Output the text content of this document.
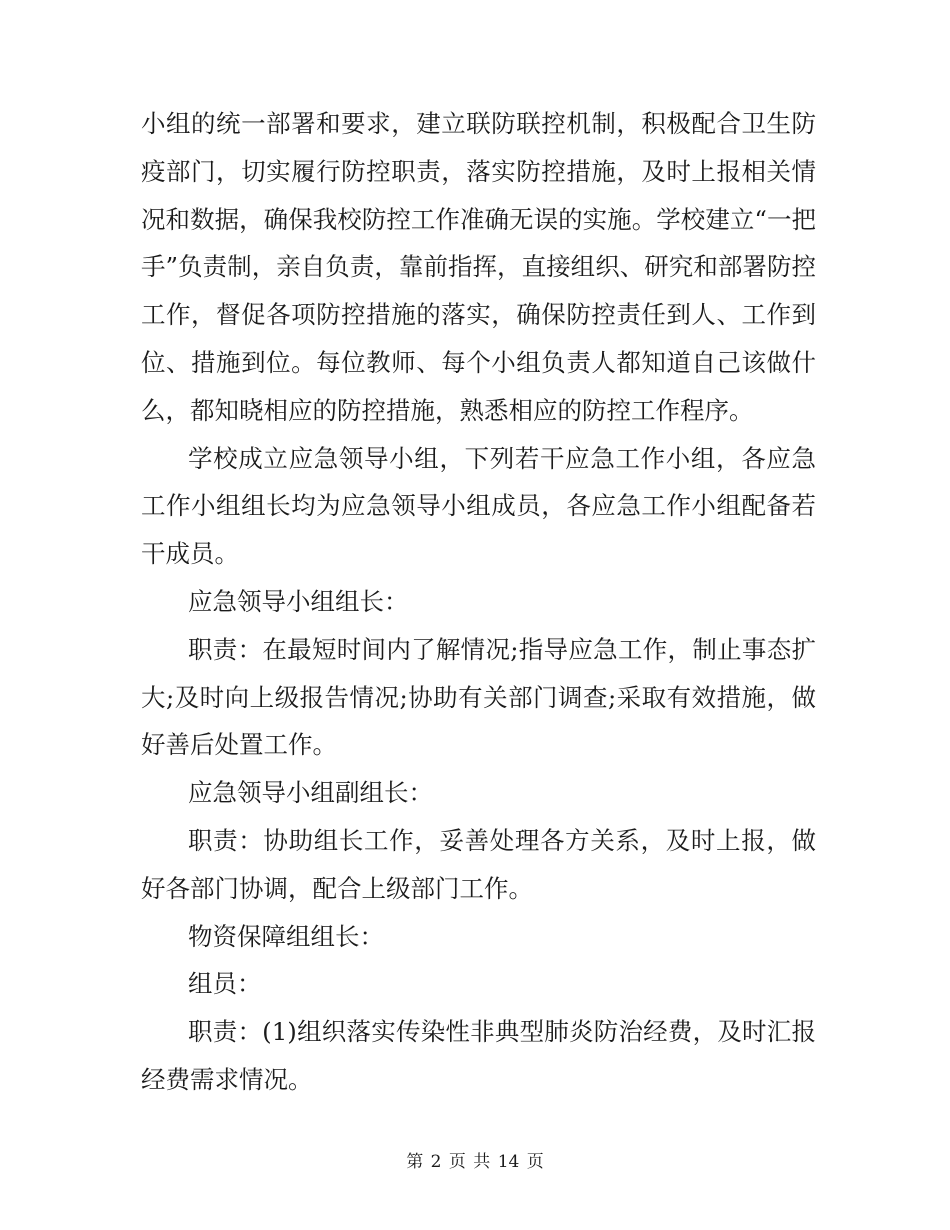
小组的统一部署和要求，建立联防联控机制，积极配合卫生防疫部门，切实履行防控职责，落实防控措施，及时上报相关情况和数据，确保我校防控工作准确无误的实施。学校建立“一把手”负责制，亲自负责，靠前指挥，直接组织、研究和部署防控工作，督促各项防控措施的落实，确保防控责任到人、工作到位、措施到位。每位教师、每个小组负责人都知道自己该做什么，都知晓相应的防控措施，熟悉相应的防控工作程序。

学校成立应急领导小组，下列若干应急工作小组，各应急工作小组组长均为应急领导小组成员，各应急工作小组配备若干成员。

应急领导小组组长：

职责：在最短时间内了解情况;指导应急工作，制止事态扩大;及时向上级报告情况;协助有关部门调查;采取有效措施，做好善后处置工作。

应急领导小组副组长：

职责：协助组长工作，妥善处理各方关系，及时上报，做好各部门协调，配合上级部门工作。

物资保障组组长：

组员：

职责：(1)组织落实传染性非典型肺炎防治经费，及时汇报经费需求情况。

第 2 页 共 14 页
